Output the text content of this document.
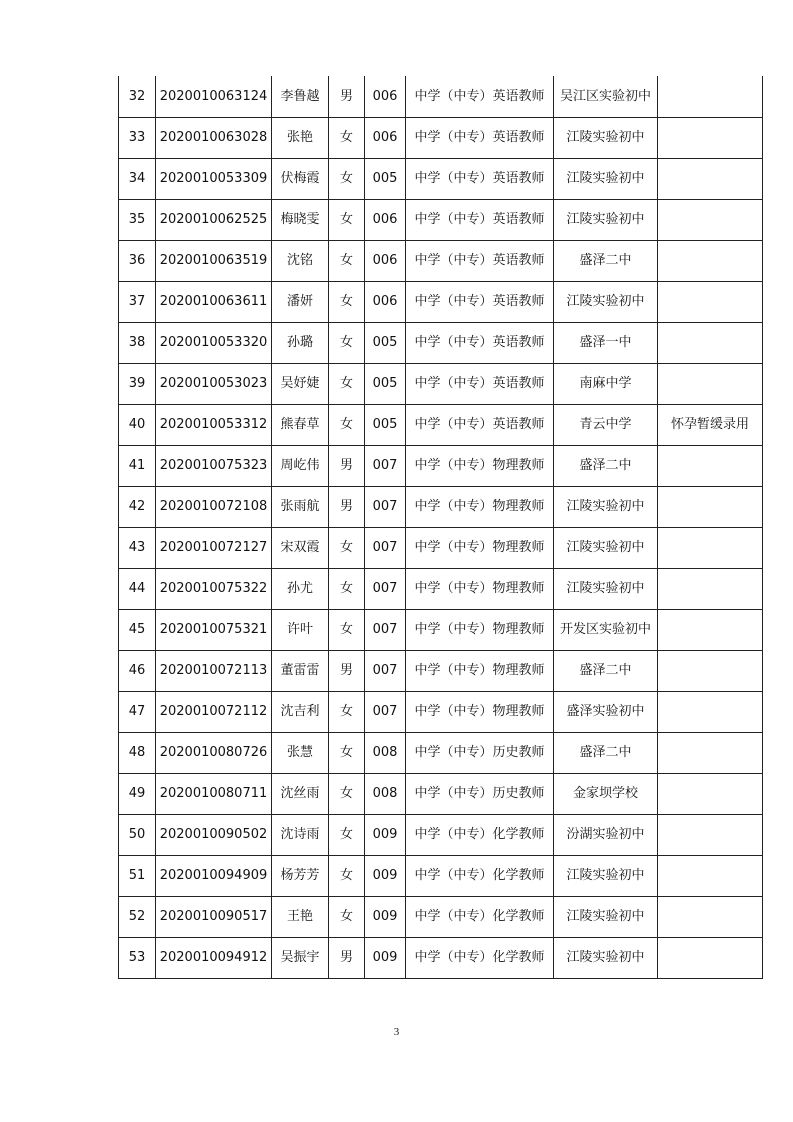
32	2020010063124	李鲁越	男	006	中学（中专）英语教师	吴江区实验初中	
33	2020010063028	张艳	女	006	中学（中专）英语教师	江陵实验初中	
34	2020010053309	伏梅霞	女	005	中学（中专）英语教师	江陵实验初中	
35	2020010062525	梅晓雯	女	006	中学（中专）英语教师	江陵实验初中	
36	2020010063519	沈铭	女	006	中学（中专）英语教师	盛泽二中	
37	2020010063611	潘妍	女	006	中学（中专）英语教师	江陵实验初中	
38	2020010053320	孙璐	女	005	中学（中专）英语教师	盛泽一中	
39	2020010053023	吴妤婕	女	005	中学（中专）英语教师	南麻中学	
40	2020010053312	熊春草	女	005	中学（中专）英语教师	青云中学	怀孕暂缓录用
41	2020010075323	周屹伟	男	007	中学（中专）物理教师	盛泽二中	
42	2020010072108	张雨航	男	007	中学（中专）物理教师	江陵实验初中	
43	2020010072127	宋双霞	女	007	中学（中专）物理教师	江陵实验初中	
44	2020010075322	孙尤	女	007	中学（中专）物理教师	江陵实验初中	
45	2020010075321	许叶	女	007	中学（中专）物理教师	开发区实验初中	
46	2020010072113	董雷雷	男	007	中学（中专）物理教师	盛泽二中	
47	2020010072112	沈吉利	女	007	中学（中专）物理教师	盛泽实验初中	
48	2020010080726	张慧	女	008	中学（中专）历史教师	盛泽二中	
49	2020010080711	沈丝雨	女	008	中学（中专）历史教师	金家坝学校	
50	2020010090502	沈诗雨	女	009	中学（中专）化学教师	汾湖实验初中	
51	2020010094909	杨芳芳	女	009	中学（中专）化学教师	江陵实验初中	
52	2020010090517	王艳	女	009	中学（中专）化学教师	江陵实验初中	
53	2020010094912	吴振宇	男	009	中学（中专）化学教师	江陵实验初中	
3
